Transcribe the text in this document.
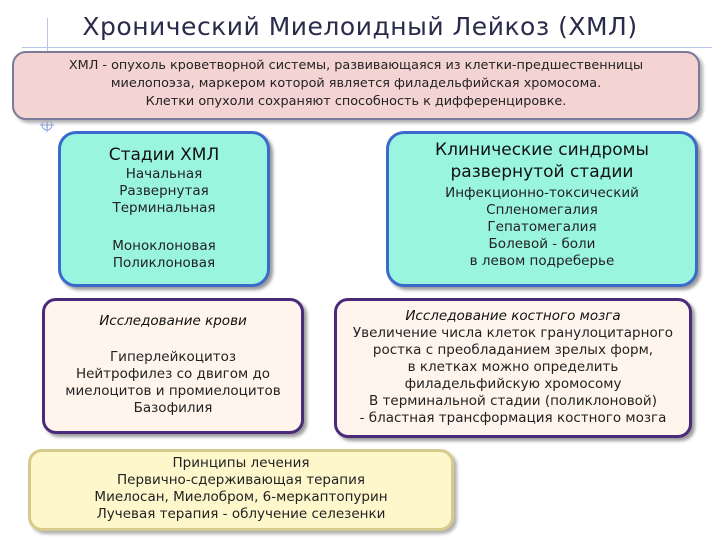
Хронический Миелоидный Лейкоз (ХМЛ)
ХМЛ - опухоль кроветворной системы, развивающаяся из клетки-предшественницы
миелопоэза, маркером которой является филадельфийская хромосома.
Клетки опухоли сохраняют способность к дифференцировке.
Стадии ХМЛ
Начальная
Развернутая
Терминальная
Моноклоновая
Поликлоновая
Клинические синдромы
развернутой стадии
Инфекционно-токсический
Спленомегалия
Гепатомегалия
Болевой - боли
в левом подреберье
Исследование крови
Гиперлейкоцитоз
Нейтрофилез со двигом до
миелоцитов и промиелоцитов
Базофилия
Исследование костного мозга
Увеличение числа клеток гранулоцитарного
ростка с преобладанием зрелых форм,
в клетках можно определить
филадельфийскую хромосому
В терминальной стадии (поликлоновой)
- бластная трансформация костного мозга
Принципы лечения
Первично-сдерживающая терапия
Миелосан, Миелобром, 6-меркаптопурин
Лучевая терапия - облучение селезенки
